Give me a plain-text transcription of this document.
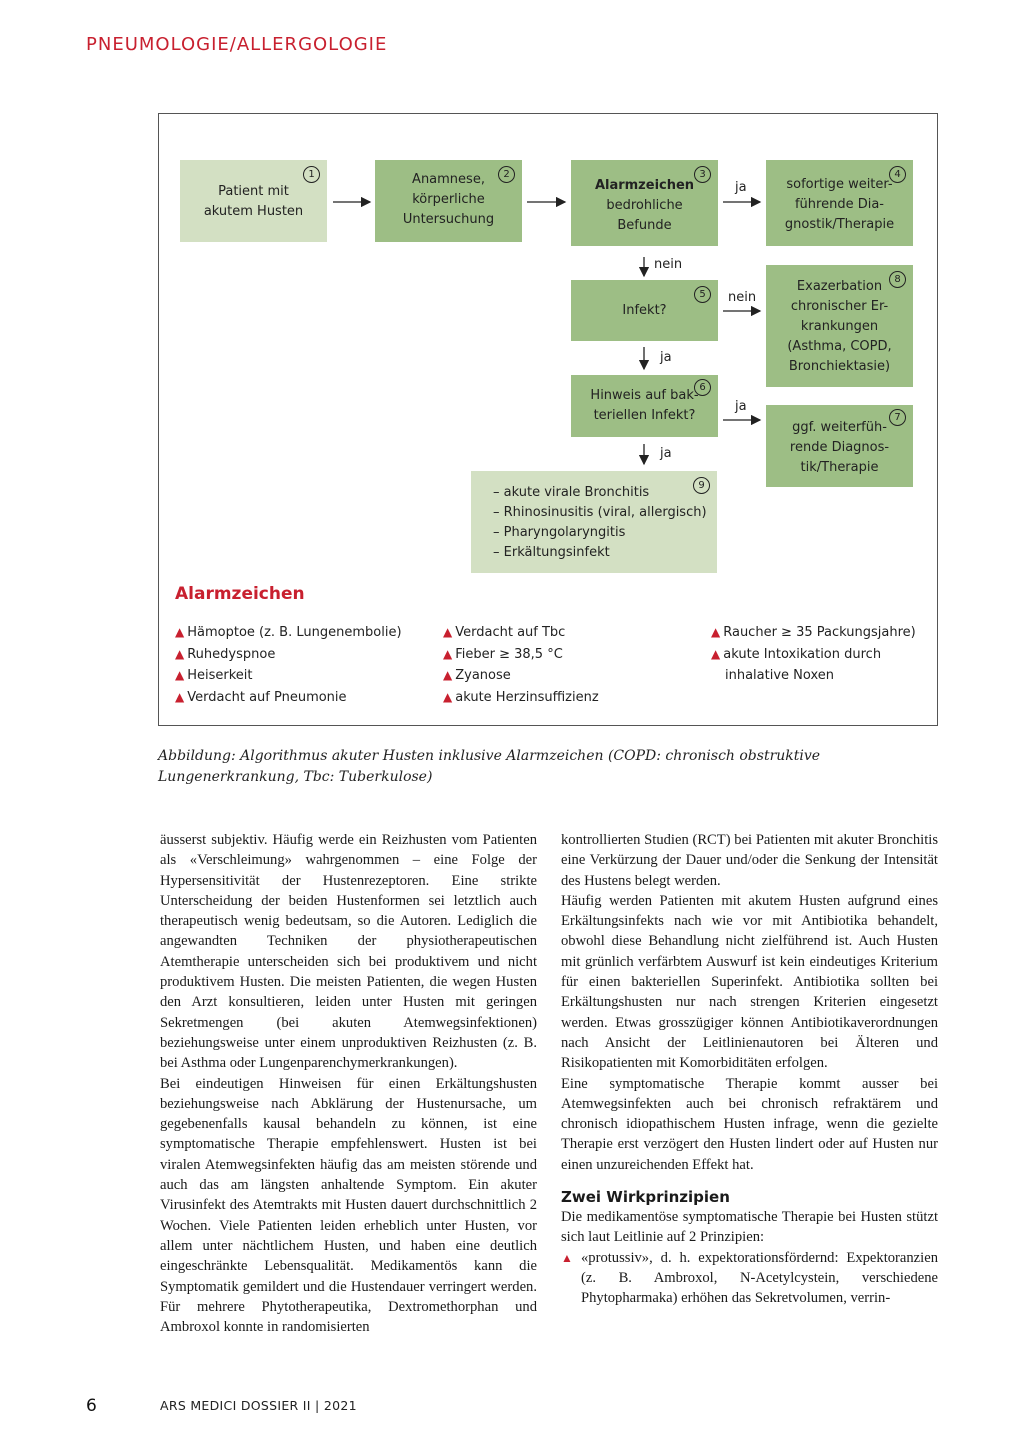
PNEUMOLOGIE/ALLERGOLOGIE
1
Patient mit
akutem Husten
2
Anamnese,
körperliche
Untersuchung
3
Alarmzeichen
bedrohliche
Befunde
4
sofortige weiter-
führende Dia-
gnostik/Therapie
5
Infekt?
6
Hinweis auf bak-
teriellen Infekt?	7
ggf. weiterfüh-
rende Diagnos-
tik/Therapie
8
Exazerbation
chronischer Er-
krankungen
(Asthma, COPD,
Bronchiektasie)
9
– akute virale Bronchitis
– Rhinosinusitis (viral, allergisch)
– Pharyngolaryngitis
– Erkältungsinfekt
ja
nein
nein
ja
ja
ja
Alarmzeichen
▲ Hämoptoe (z. B. Lungenembolie)
▲ Ruhedyspnoe
▲ Heiserkeit
▲ Verdacht auf Pneumonie
▲ Verdacht auf Tbc
▲ Fieber ≥ 38,5 °C
▲ Zyanose
▲ akute Herzinsuffizienz
▲ Raucher ≥ 35 Packungsjahre)
▲ akute Intoxikation durch
inhalative Noxen
Abbildung: Algorithmus akuter Husten inklusive Alarmzeichen (COPD: chronisch obstruktive Lungenerkrankung, Tbc: Tuberkulose)

äusserst subjektiv. Häufig werde ein Reizhusten vom Patienten als «Verschleimung» wahrgenommen – eine Folge der Hypersensitivität der Hustenrezeptoren. Eine strikte Unterscheidung der beiden Hustenformen sei letztlich auch therapeutisch wenig bedeutsam, so die Autoren. Lediglich die angewandten Techniken der physiotherapeutischen Atemtherapie unterscheiden sich bei produktivem und nicht produktivem Husten. Die meisten Patienten, die wegen Husten den Arzt konsultieren, leiden unter Husten mit geringen Sekretmengen (bei akuten Atemwegsinfektionen) beziehungsweise unter einem unproduktiven Reizhusten (z. B. bei Asthma oder Lungenparenchymerkrankungen).

Bei eindeutigen Hinweisen für einen Erkältungshusten beziehungsweise nach Abklärung der Hustenursache, um gegebenenfalls kausal behandeln zu können, ist eine symptomatische Therapie empfehlenswert. Husten ist bei viralen Atemwegsinfekten häufig das am meisten störende und auch das am längsten anhaltende Symptom. Ein akuter Virusinfekt des Atemtrakts mit Husten dauert durchschnittlich 2 Wochen. Viele Patienten leiden erheblich unter Husten, vor allem unter nächtlichem Husten, und haben eine deutlich eingeschränkte Lebensqualität. Medikamentös kann die Symptomatik gemildert und die Hustendauer verringert werden. Für mehrere Phytotherapeutika, Dextromethorphan und Ambroxol konnte in randomisierten

kontrollierten Studien (RCT) bei Patienten mit akuter Bronchitis eine Verkürzung der Dauer und/oder die Senkung der Intensität des Hustens belegt werden.

Häufig werden Patienten mit akutem Husten aufgrund eines Erkältungsinfekts nach wie vor mit Antibiotika behandelt, obwohl diese Behandlung nicht zielführend ist. Auch Husten mit grünlich verfärbtem Auswurf ist kein eindeutiges Kriterium für einen bakteriellen Superinfekt. Antibiotika sollten bei Erkältungshusten nur nach strengen Kriterien eingesetzt werden. Etwas grosszügiger können Antibiotikaverordnungen nach Ansicht der Leitlinienautoren bei Älteren und Risikopatienten mit Komorbiditäten erfolgen.

Eine symptomatische Therapie kommt ausser bei Atemwegsinfekten auch bei chronisch refraktärem und chronisch idiopathischem Husten infrage, wenn die gezielte Therapie erst verzögert den Husten lindert oder auf Husten nur einen unzureichenden Effekt hat.

Zwei Wirkprinzipien

Die medikamentöse symptomatische Therapie bei Husten stützt sich laut Leitlinie auf 2 Prinzipien:

▲ «protussiv», d. h. expektorationsfördernd: Expektoranzien (z. B. Ambroxol, N-Acetylcystein, verschiedene Phytopharmaka) erhöhen das Sekretvolumen, verrin-
6	ARS MEDICI DOSSIER II | 2021
